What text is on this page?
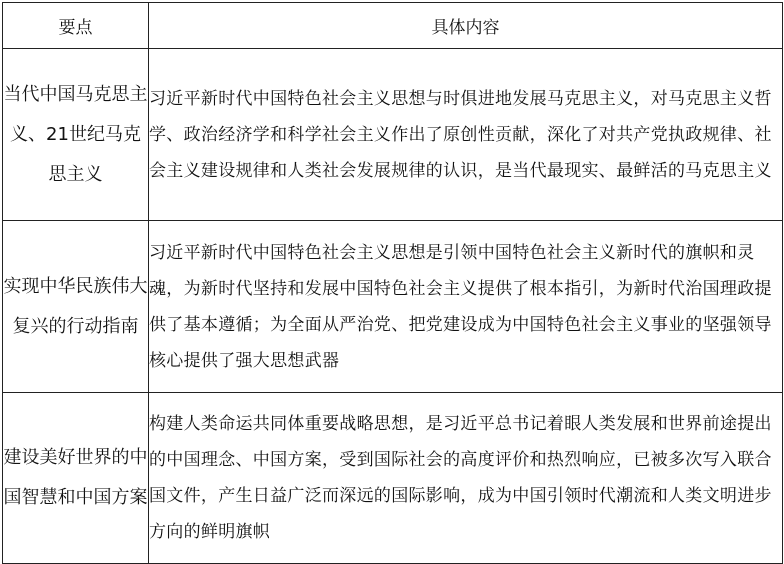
要点	具体内容
当代中国马克思主义、21世纪马克思主义	习近平新时代中国特色社会主义思想与时俱进地发展马克思主义，对马克思主义哲学、政治经济学和科学社会主义作出了原创性贡献，深化了对共产党执政规律、社会主义建设规律和人类社会发展规律的认识，是当代最现实、最鲜活的马克思主义
实现中华民族伟大复兴的行动指南	习近平新时代中国特色社会主义思想是引领中国特色社会主义新时代的旗帜和灵魂，为新时代坚持和发展中国特色社会主义提供了根本指引，为新时代治国理政提供了基本遵循；为全面从严治党、把党建设成为中国特色社会主义事业的坚强领导核心提供了强大思想武器
建设美好世界的中国智慧和中国方案	构建人类命运共同体重要战略思想，是习近平总书记着眼人类发展和世界前途提出的中国理念、中国方案，受到国际社会的高度评价和热烈响应，已被多次写入联合国文件，产生日益广泛而深远的国际影响，成为中国引领时代潮流和人类文明进步方向的鲜明旗帜
